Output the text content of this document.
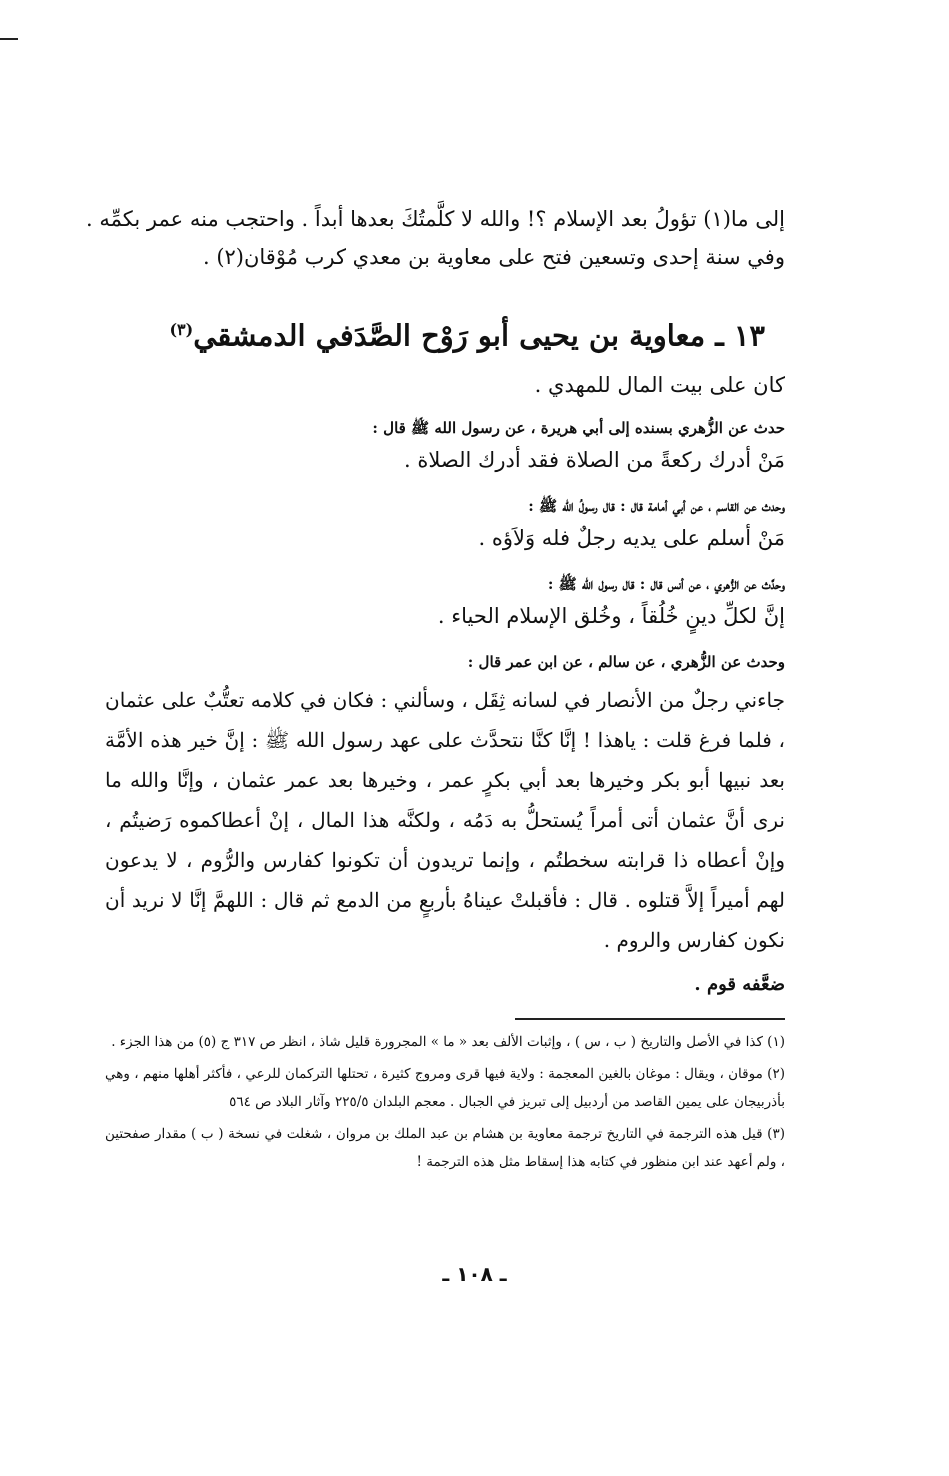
إلى ما(١) تؤولُ بعد الإسلام ؟! والله لا كلَّمتُكَ بعدها أبداً . واحتجب منه عمر بكمِّه .
وفي سنة إحدى وتسعين فتح على معاوية بن معدي كرب مُوْقان(٢) .
١٣ ـ معاوية بن يحيى أبو رَوْح الصَّدَفي الدمشقي$^{(٣)}$
كان على بيت المال للمهدي .
حدث عن الزُّهري بسنده إلى أبي هريرة ، عن رسول الله ﷺ قال :
مَنْ أدرك ركعةً من الصلاة فقد أدرك الصلاة .
وحدث عن القاسم ، عن أبي أمامة قال : قال رسولُ الله ﷺ :
مَنْ أسلم على يديه رجلٌ فله وَلاَؤه .
وحدَّث عن الزُّهري ، عن أنس قال : قال رسول الله ﷺ :
إنَّ لكلِّ دينٍ خُلُقاً ، وخُلق الإسلام الحياء .
وحدث عن الزُّهري ، عن سالم ، عن ابن عمر قال :
جاءني رجلٌ من الأنصار في لسانه ثِقَل ، وسألني : فكان في كلامه تعتُّبٌ على عثمان ، فلما فرغ قلت : ياهذا ! إنَّا كنَّا نتحدَّث على عهد رسول الله ﷺ : إنَّ خير هذه الأمَّة بعد نبيها أبو بكر وخيرها بعد أبي بكرٍ عمر ، وخيرها بعد عمر عثمان ، وإنَّا والله ما نرى أنَّ عثمان أتى أمراً يُستحلُّ به دَمُه ، ولكنَّه هذا المال ، إنْ أعطاكموه رَضيتُم ، وإنْ أعطاه ذا قرابته سخطتُم ، وإنما تريدون أن تكونوا كفارس والرُّوم ، لا يدعون لهم أميراً إلاَّ قتلوه . قال : فأقبلتْ عيناهُ بأربعٍ من الدمع ثم قال : اللهمَّ إنَّا لا نريد أن نكون كفارس والروم .
ضعَّفه قوم .
(١) كذا في الأصل والتاريخ ( ب ، س ) ، وإثبات الألف بعد « ما » المجرورة قليل شاذ ، انظر ص ٣١٧ ج (٥) من هذا الجزء .
(٢) موقان ، ويقال : موغان بالغين المعجمة : ولاية فيها قرى ومروج كثيرة ، تحتلها التركمان للرعي ، فأكثر أهلها منهم ، وهي بأذربيجان على يمين القاصد من أردبيل إلى تبريز في الجبال . معجم البلدان ٢٢٥/٥ وآثار البلاد ص ٥٦٤
(٣) قيل هذه الترجمة في التاريخ ترجمة معاوية بن هشام بن عبد الملك بن مروان ، شغلت في نسخة ( ب ) مقدار صفحتين ، ولم أعهد عند ابن منظور في كتابه هذا إسقاط مثل هذه الترجمة !
ـ ١٠٨ ـ
